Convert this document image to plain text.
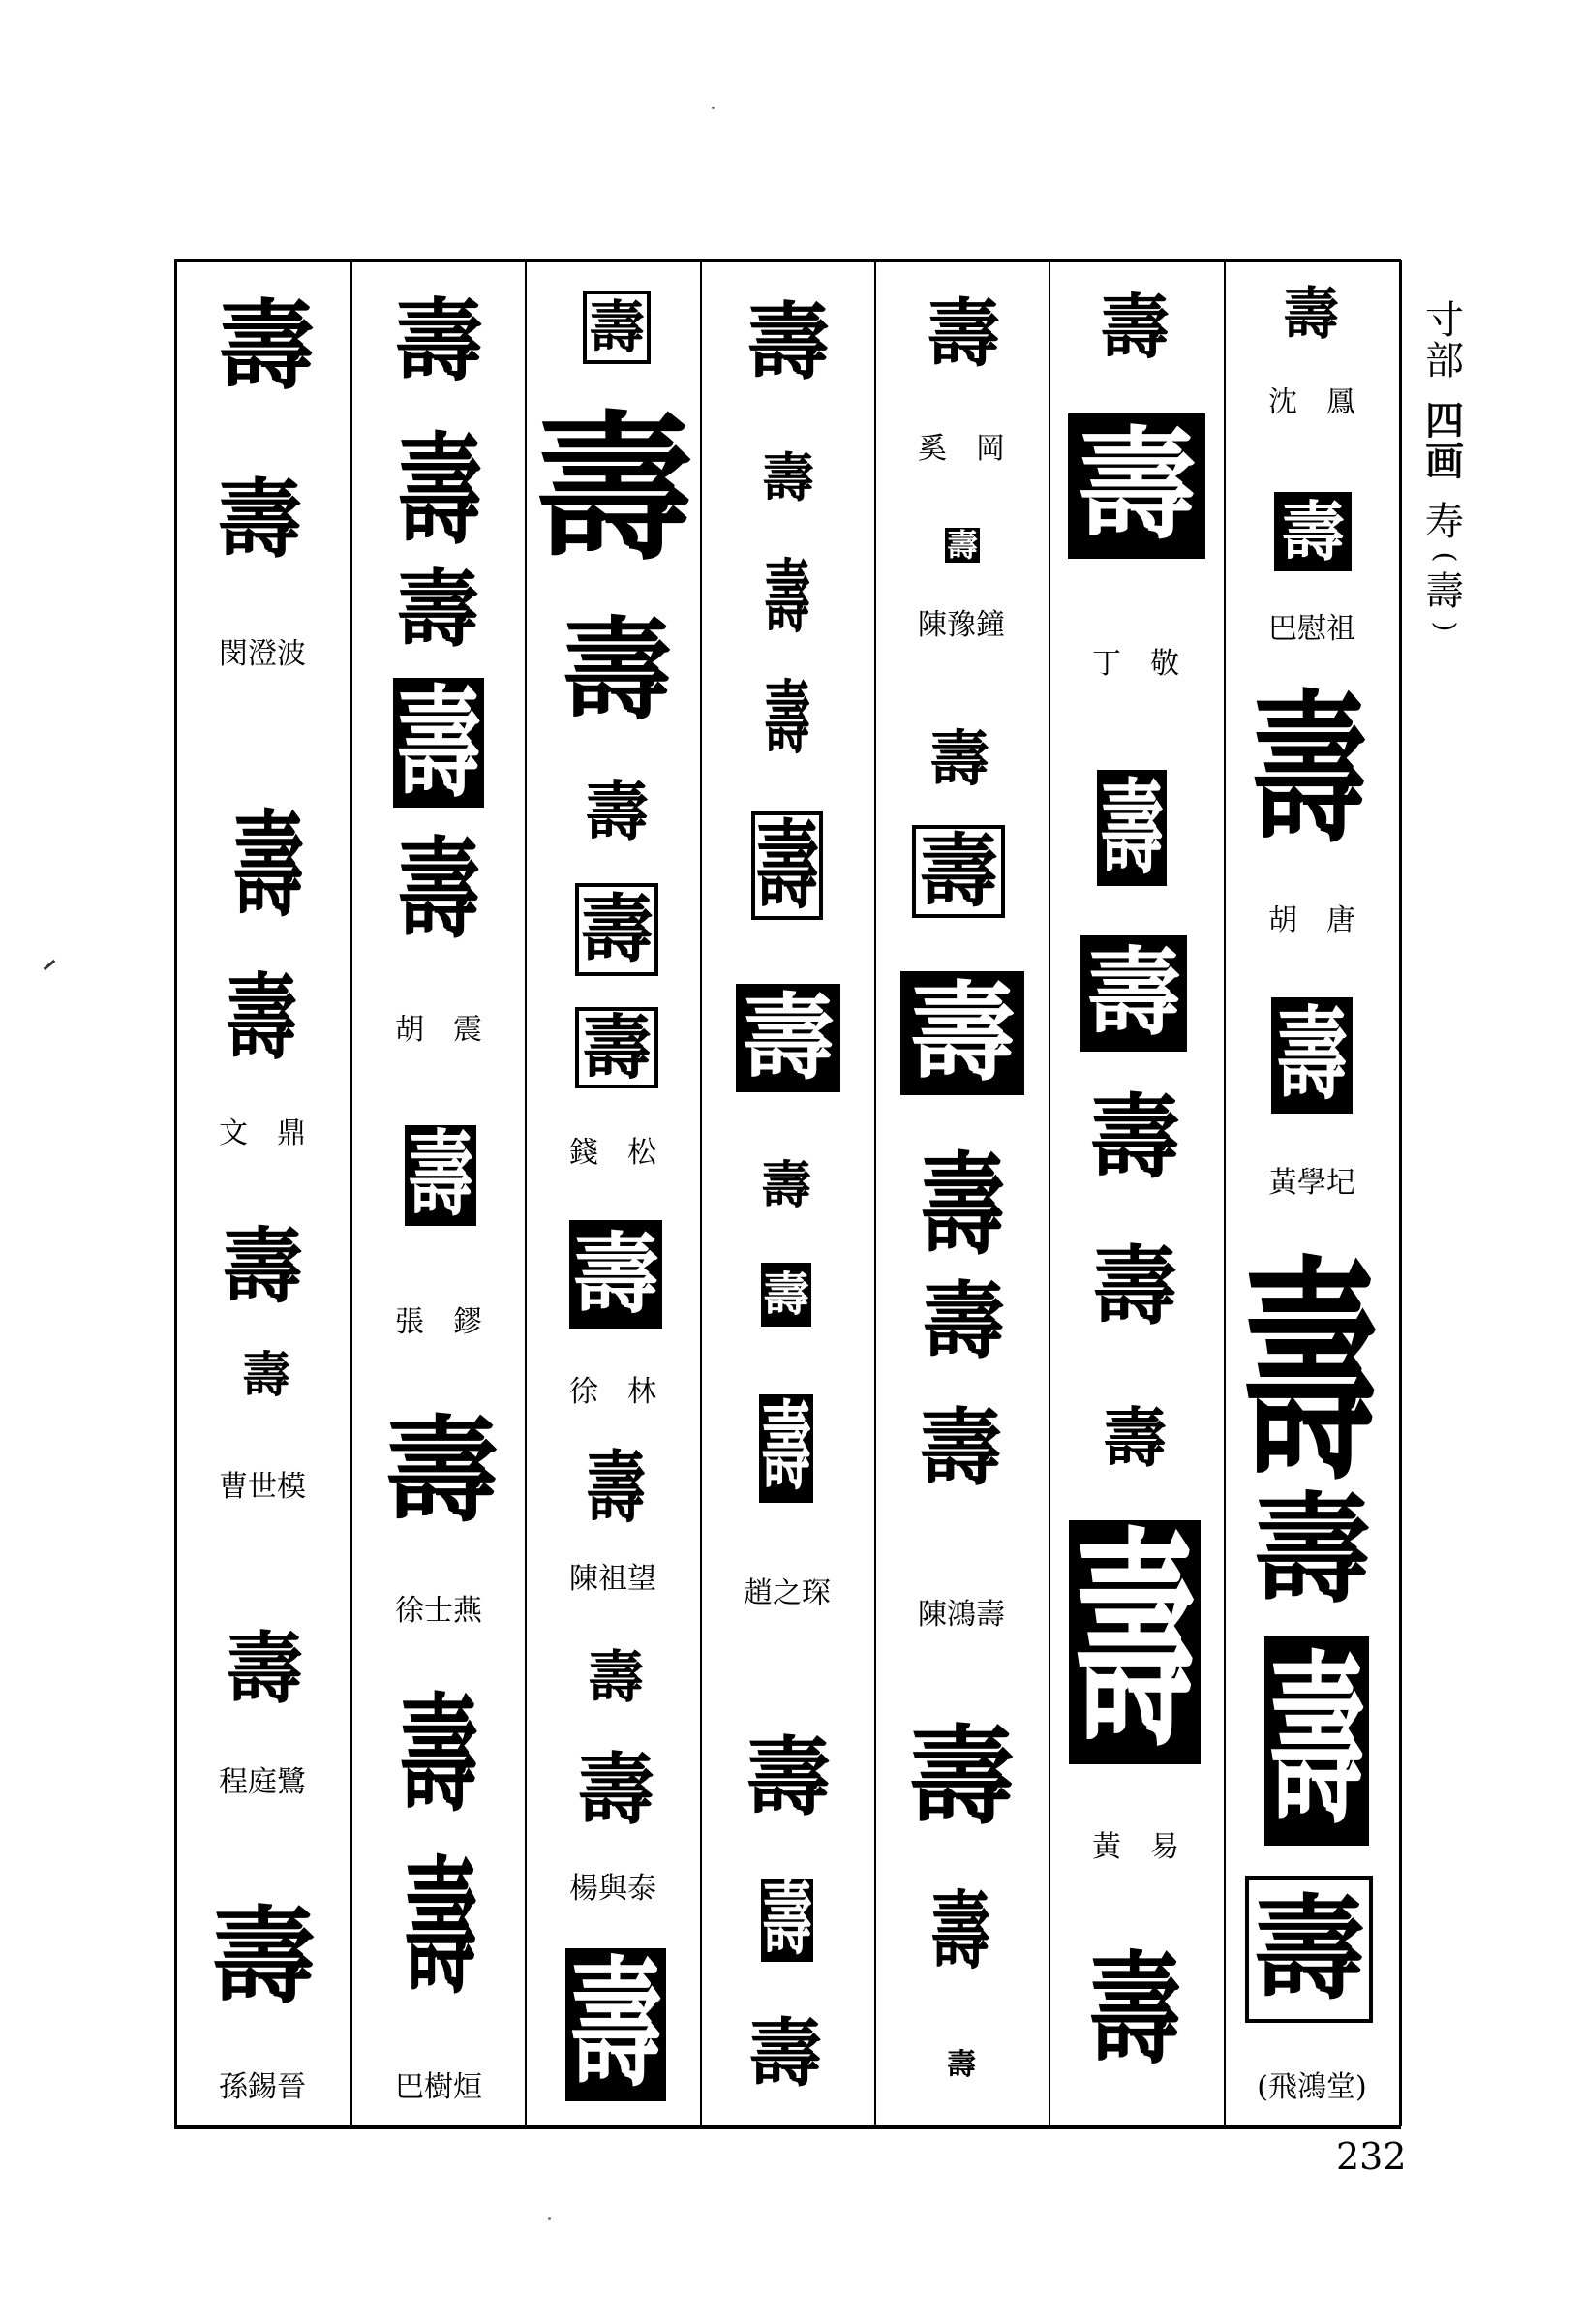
寸
部
四
画
寿
(
壽
)
壽
沈　鳳
壽
巴慰祖
壽
胡　唐
壽
黃學圮
壽
壽
壽
壽
(飛鴻堂)
壽
壽
丁　敬
壽
壽
壽
壽
壽
壽
黃　易
壽
壽
奚　岡
壽
陳豫鐘
壽
壽
壽
壽
壽
壽
陳鴻壽
壽
壽
壽
壽
壽
壽
壽
壽
壽
壽
壽
壽
趙之琛
壽
壽
壽
壽
壽
壽
壽
壽
壽
錢　松
壽
徐　林
壽
陳祖望
壽
壽
楊與泰
壽
壽
壽
壽
壽
壽
胡　震
壽
張　鏐
壽
徐士燕
壽
壽
巴樹烜
壽
壽
閔澄波
壽
壽
文　鼎
壽
壽
曹世模
壽
程庭鷺
壽
孫錫晉
232
